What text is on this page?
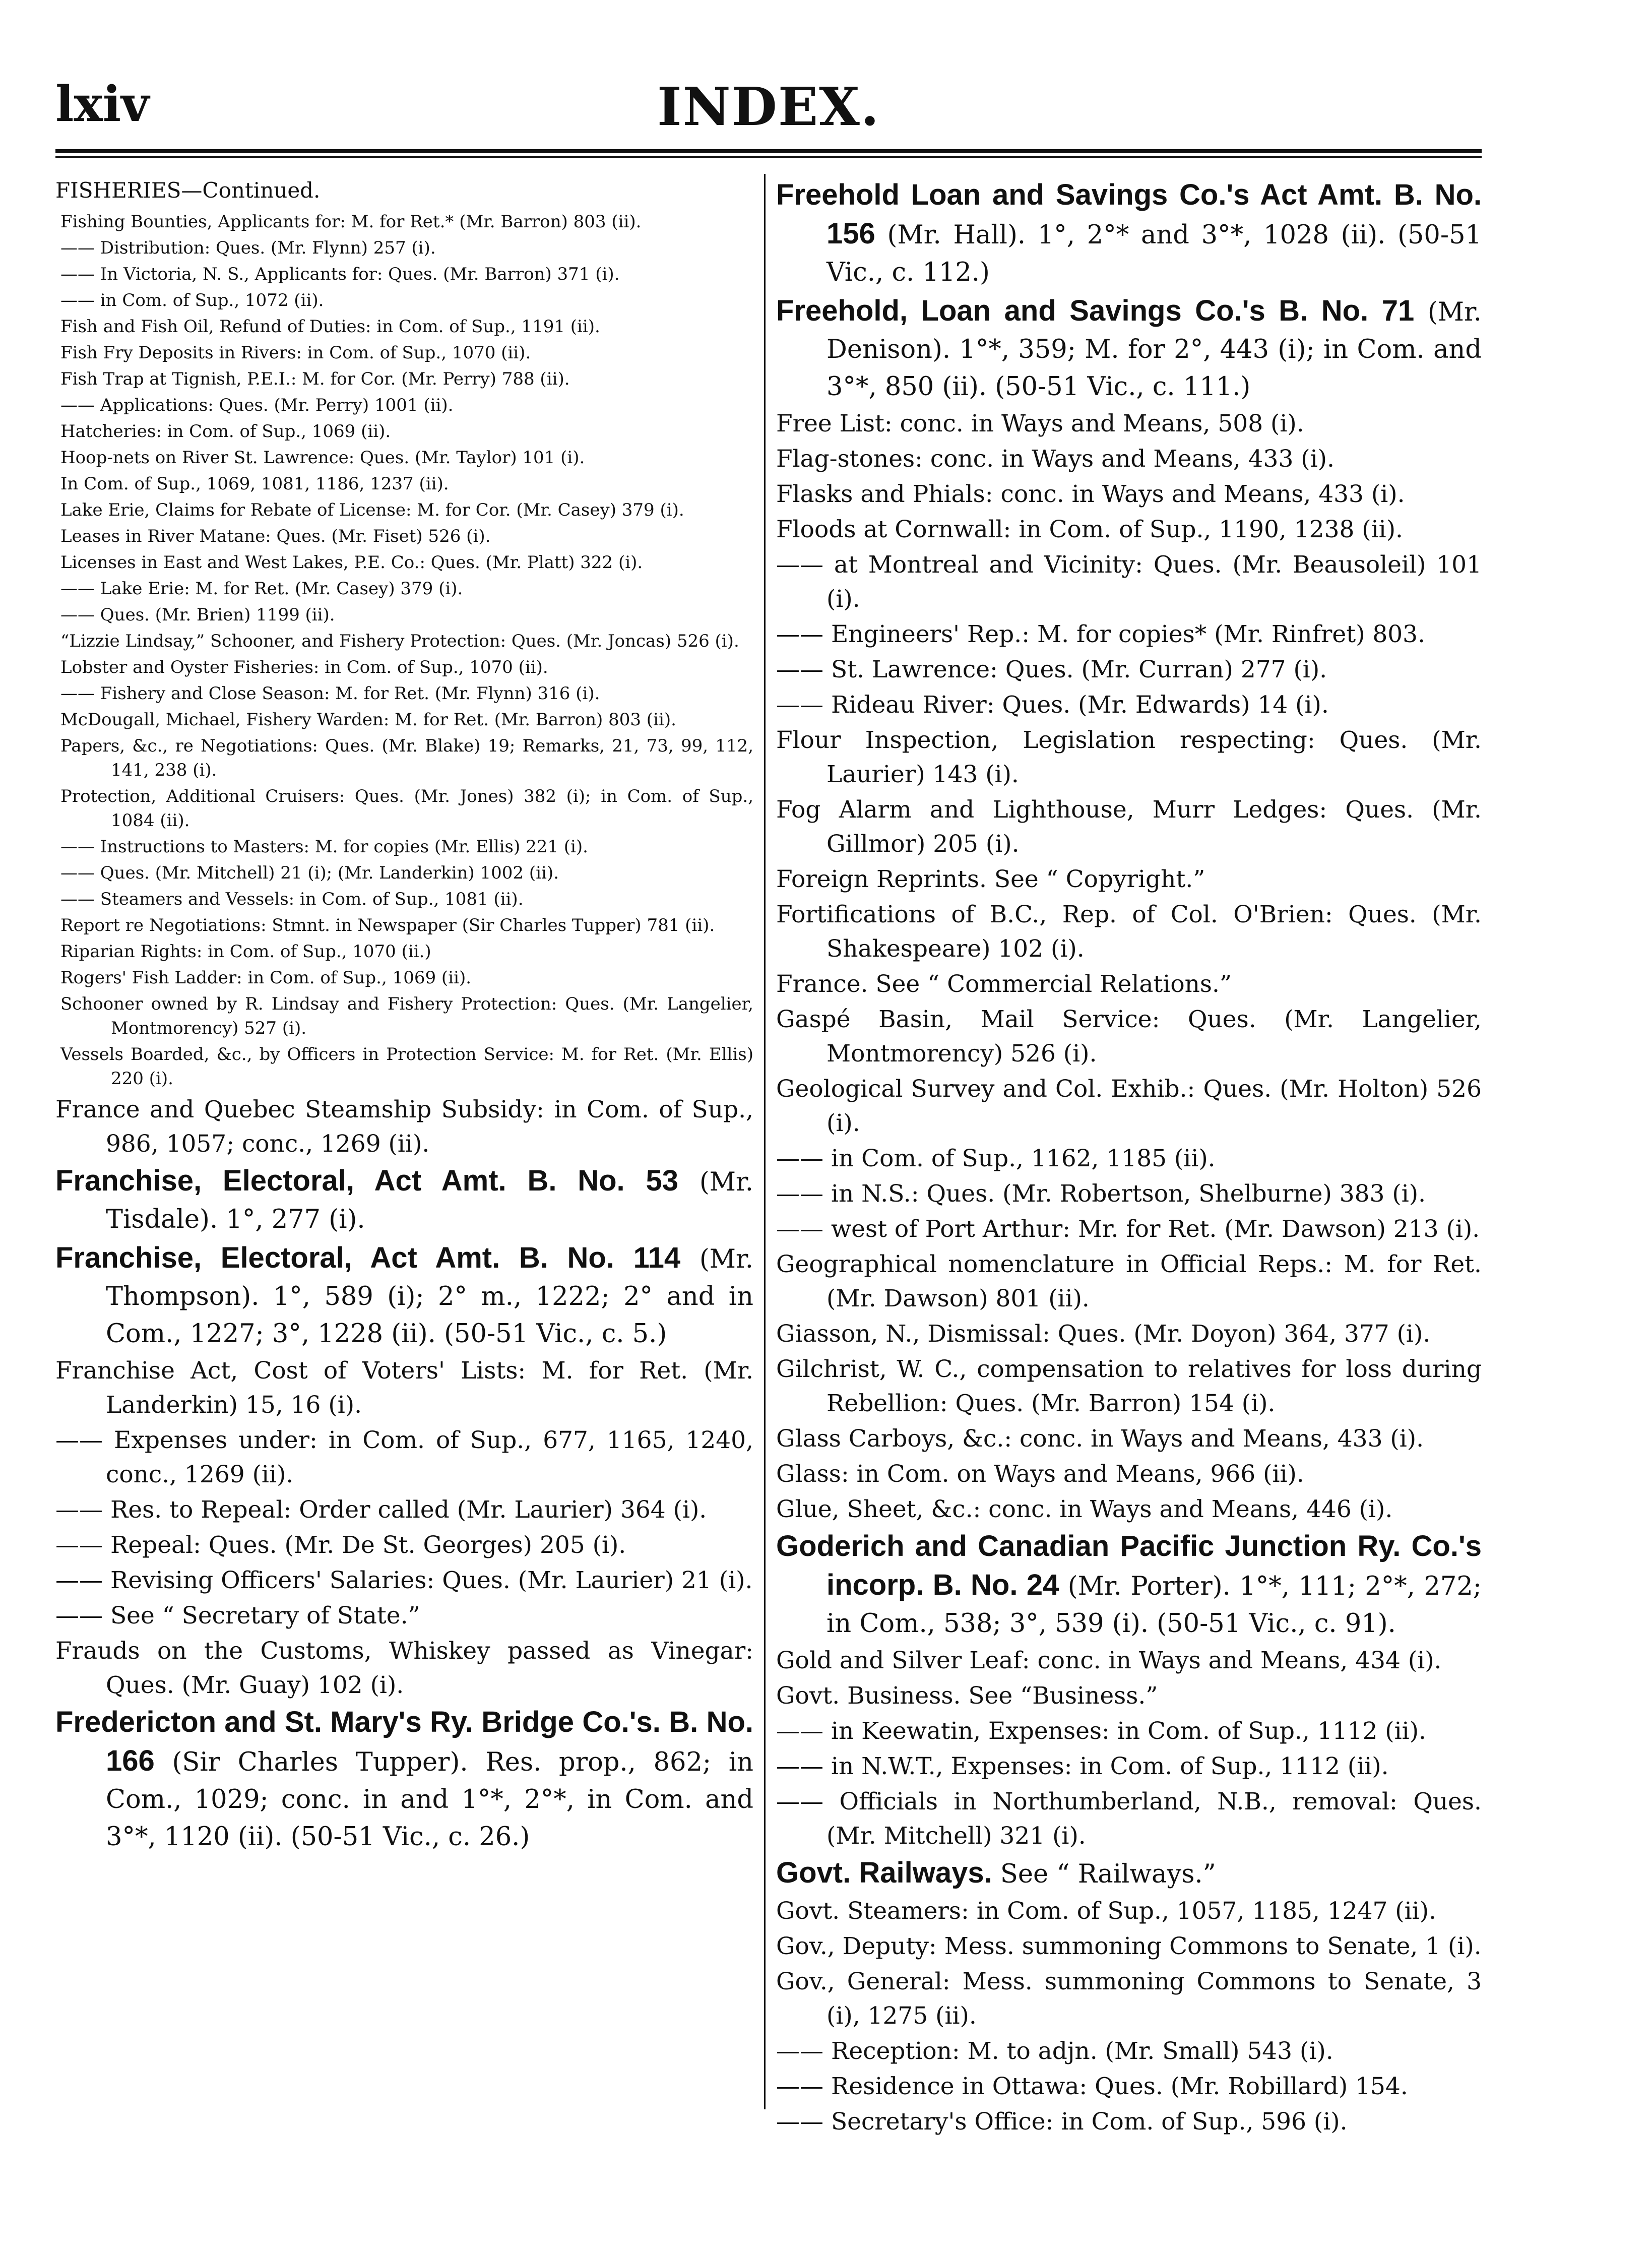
lxiv	INDEX.
FISHERIES—Continued.

Fishing Bounties, Applicants for: M. for Ret.* (Mr. Barron) 803 (ii).

—— Distribution: Ques. (Mr. Flynn) 257 (i).

—— In Victoria, N. S., Applicants for: Ques. (Mr. Barron) 371 (i).

—— in Com. of Sup., 1072 (ii).

Fish and Fish Oil, Refund of Duties: in Com. of Sup., 1191 (ii).

Fish Fry Deposits in Rivers: in Com. of Sup., 1070 (ii).

Fish Trap at Tignish, P.E.I.: M. for Cor. (Mr. Perry) 788 (ii).

—— Applications: Ques. (Mr. Perry) 1001 (ii).

Hatcheries: in Com. of Sup., 1069 (ii).

Hoop-nets on River St. Lawrence: Ques. (Mr. Taylor) 101 (i).

In Com. of Sup., 1069, 1081, 1186, 1237 (ii).

Lake Erie, Claims for Rebate of License: M. for Cor. (Mr. Casey) 379 (i).

Leases in River Matane: Ques. (Mr. Fiset) 526 (i).

Licenses in East and West Lakes, P.E. Co.: Ques. (Mr. Platt) 322 (i).

—— Lake Erie: M. for Ret. (Mr. Casey) 379 (i).

—— Ques. (Mr. Brien) 1199 (ii).

“Lizzie Lindsay,” Schooner, and Fishery Protection: Ques. (Mr. Joncas) 526 (i).

Lobster and Oyster Fisheries: in Com. of Sup., 1070 (ii).

—— Fishery and Close Season: M. for Ret. (Mr. Flynn) 316 (i).

McDougall, Michael, Fishery Warden: M. for Ret. (Mr. Barron) 803 (ii).

Papers, &c., re Negotiations: Ques. (Mr. Blake) 19; Remarks, 21, 73, 99, 112, 141, 238 (i).

Protection, Additional Cruisers: Ques. (Mr. Jones) 382 (i); in Com. of Sup., 1084 (ii).

—— Instructions to Masters: M. for copies (Mr. Ellis) 221 (i).

—— Ques. (Mr. Mitchell) 21 (i); (Mr. Landerkin) 1002 (ii).

—— Steamers and Vessels: in Com. of Sup., 1081 (ii).

Report re Negotiations: Stmnt. in Newspaper (Sir Charles Tupper) 781 (ii).

Riparian Rights: in Com. of Sup., 1070 (ii.)

Rogers' Fish Ladder: in Com. of Sup., 1069 (ii).

Schooner owned by R. Lindsay and Fishery Protection: Ques. (Mr. Langelier, Montmorency) 527 (i).

Vessels Boarded, &c., by Officers in Protection Service: M. for Ret. (Mr. Ellis) 220 (i).

France and Quebec Steamship Subsidy: in Com. of Sup., 986, 1057; conc., 1269 (ii).

Franchise, Electoral, Act Amt. B. No. 53 (Mr. Tisdale). 1°, 277 (i).

Franchise, Electoral, Act Amt. B. No. 114 (Mr. Thompson). 1°, 589 (i); 2° m., 1222; 2° and in Com., 1227; 3°, 1228 (ii). (50-51 Vic., c. 5.)

Franchise Act, Cost of Voters' Lists: M. for Ret. (Mr. Landerkin) 15, 16 (i).

—— Expenses under: in Com. of Sup., 677, 1165, 1240, conc., 1269 (ii).

—— Res. to Repeal: Order called (Mr. Laurier) 364 (i).

—— Repeal: Ques. (Mr. De St. Georges) 205 (i).

—— Revising Officers' Salaries: Ques. (Mr. Laurier) 21 (i).

—— See “ Secretary of State.”

Frauds on the Customs, Whiskey passed as Vinegar: Ques. (Mr. Guay) 102 (i).

Fredericton and St. Mary's Ry. Bridge Co.'s. B. No. 166 (Sir Charles Tupper). Res. prop., 862; in Com., 1029; conc. in and 1°*, 2°*, in Com. and 3°*, 1120 (ii). (50-51 Vic., c. 26.)

Freehold Loan and Savings Co.'s Act Amt. B. No. 156 (Mr. Hall). 1°, 2°* and 3°*, 1028 (ii). (50-51 Vic., c. 112.)

Freehold, Loan and Savings Co.'s B. No. 71 (Mr. Denison). 1°*, 359; M. for 2°, 443 (i); in Com. and 3°*, 850 (ii). (50-51 Vic., c. 111.)

Free List: conc. in Ways and Means, 508 (i).

Flag-stones: conc. in Ways and Means, 433 (i).

Flasks and Phials: conc. in Ways and Means, 433 (i).

Floods at Cornwall: in Com. of Sup., 1190, 1238 (ii).

—— at Montreal and Vicinity: Ques. (Mr. Beausoleil) 101 (i).

—— Engineers' Rep.: M. for copies* (Mr. Rinfret) 803.

—— St. Lawrence: Ques. (Mr. Curran) 277 (i).

—— Rideau River: Ques. (Mr. Edwards) 14 (i).

Flour Inspection, Legislation respecting: Ques. (Mr. Laurier) 143 (i).

Fog Alarm and Lighthouse, Murr Ledges: Ques. (Mr. Gillmor) 205 (i).

Foreign Reprints. See “ Copyright.”

Fortifications of B.C., Rep. of Col. O'Brien: Ques. (Mr. Shakespeare) 102 (i).

France. See “ Commercial Relations.”

Gaspé Basin, Mail Service: Ques. (Mr. Langelier, Montmorency) 526 (i).

Geological Survey and Col. Exhib.: Ques. (Mr. Holton) 526 (i).

—— in Com. of Sup., 1162, 1185 (ii).

—— in N.S.: Ques. (Mr. Robertson, Shelburne) 383 (i).

—— west of Port Arthur: Mr. for Ret. (Mr. Dawson) 213 (i).

Geographical nomenclature in Official Reps.: M. for Ret. (Mr. Dawson) 801 (ii).

Giasson, N., Dismissal: Ques. (Mr. Doyon) 364, 377 (i).

Gilchrist, W. C., compensation to relatives for loss during Rebellion: Ques. (Mr. Barron) 154 (i).

Glass Carboys, &c.: conc. in Ways and Means, 433 (i).

Glass: in Com. on Ways and Means, 966 (ii).

Glue, Sheet, &c.: conc. in Ways and Means, 446 (i).

Goderich and Canadian Pacific Junction Ry. Co.'s incorp. B. No. 24 (Mr. Porter). 1°*, 111; 2°*, 272; in Com., 538; 3°, 539 (i). (50-51 Vic., c. 91).

Gold and Silver Leaf: conc. in Ways and Means, 434 (i).

Govt. Business. See “Business.”

—— in Keewatin, Expenses: in Com. of Sup., 1112 (ii).

—— in N.W.T., Expenses: in Com. of Sup., 1112 (ii).

—— Officials in Northumberland, N.B., removal: Ques. (Mr. Mitchell) 321 (i).

Govt. Railways. See “ Railways.”

Govt. Steamers: in Com. of Sup., 1057, 1185, 1247 (ii).

Gov., Deputy: Mess. summoning Commons to Senate, 1 (i).

Gov., General: Mess. summoning Commons to Senate, 3 (i), 1275 (ii).

—— Reception: M. to adjn. (Mr. Small) 543 (i).

—— Residence in Ottawa: Ques. (Mr. Robillard) 154.

—— Secretary's Office: in Com. of Sup., 596 (i).
